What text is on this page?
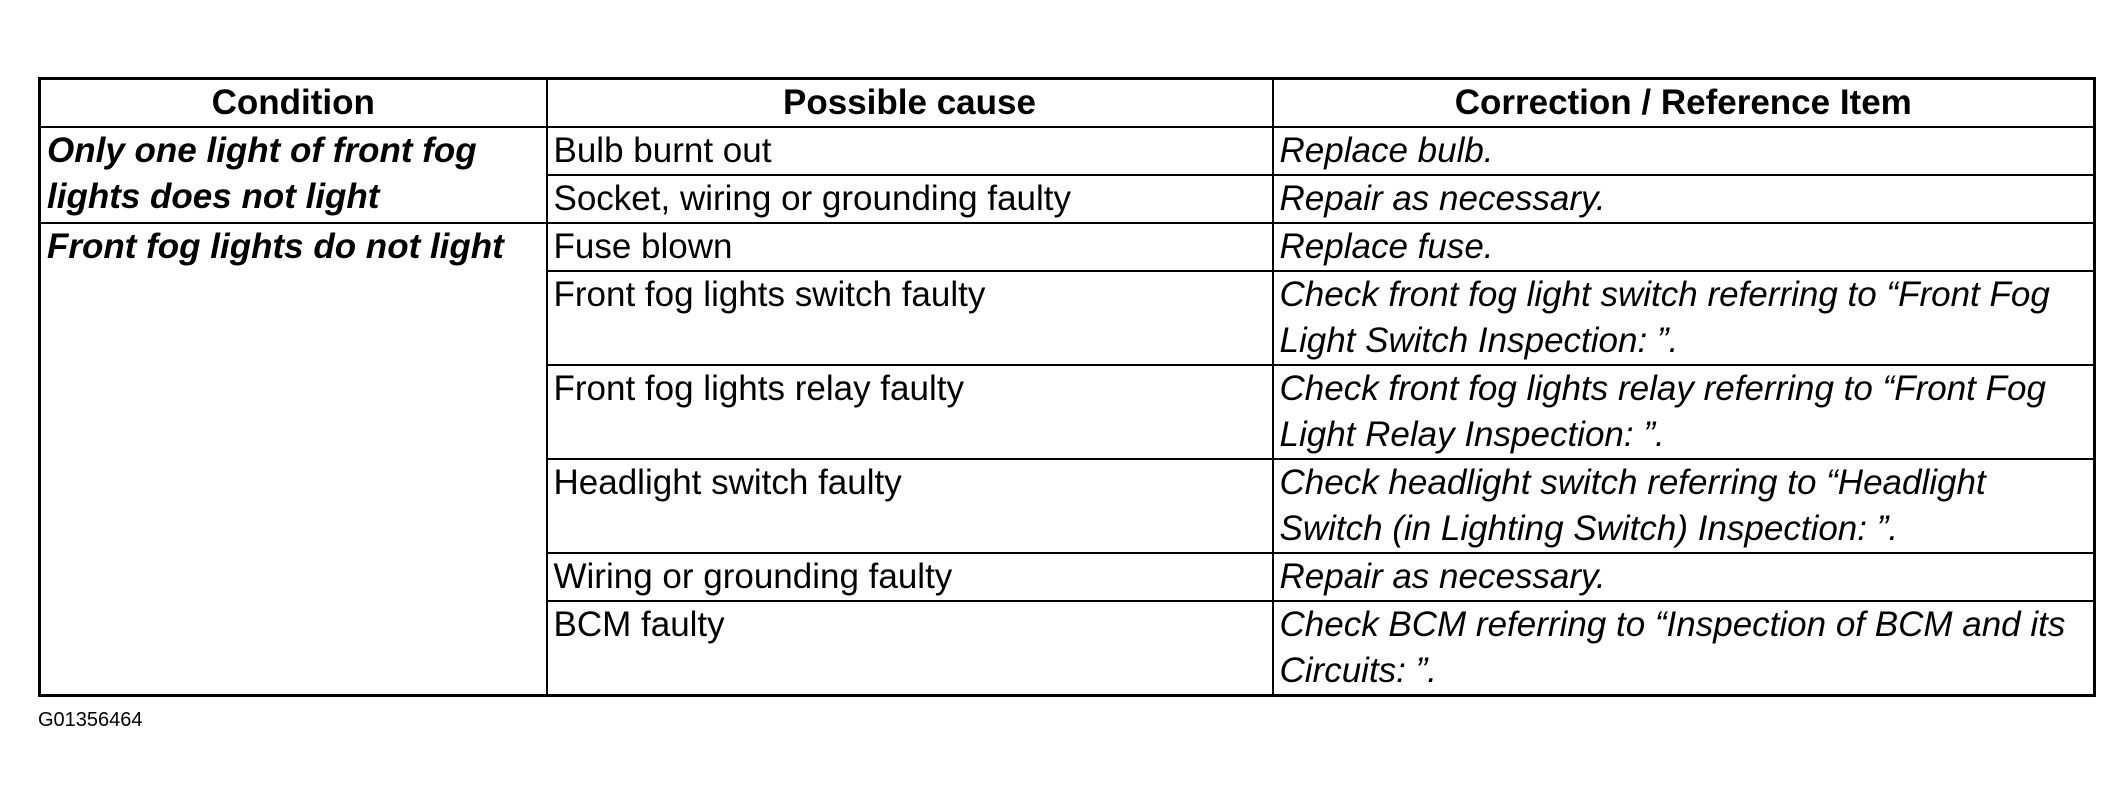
Condition	Possible cause	Correction / Reference Item
Only one light of front fog lights does not light	Bulb burnt out	Replace bulb.
	Socket, wiring or grounding faulty	Repair as necessary.
Front fog lights do not light	Fuse blown	Replace fuse.
	Front fog lights switch faulty	Check front fog light switch referring to “Front Fog Light Switch Inspection: ”.
	Front fog lights relay faulty	Check front fog lights relay referring to “Front Fog Light Relay Inspection: ”.
	Headlight switch faulty	Check headlight switch referring to “Headlight Switch (in Lighting Switch) Inspection: ”.
	Wiring or grounding faulty	Repair as necessary.
	BCM faulty	Check BCM referring to “Inspection of BCM and its Circuits: ”.
G01356464
